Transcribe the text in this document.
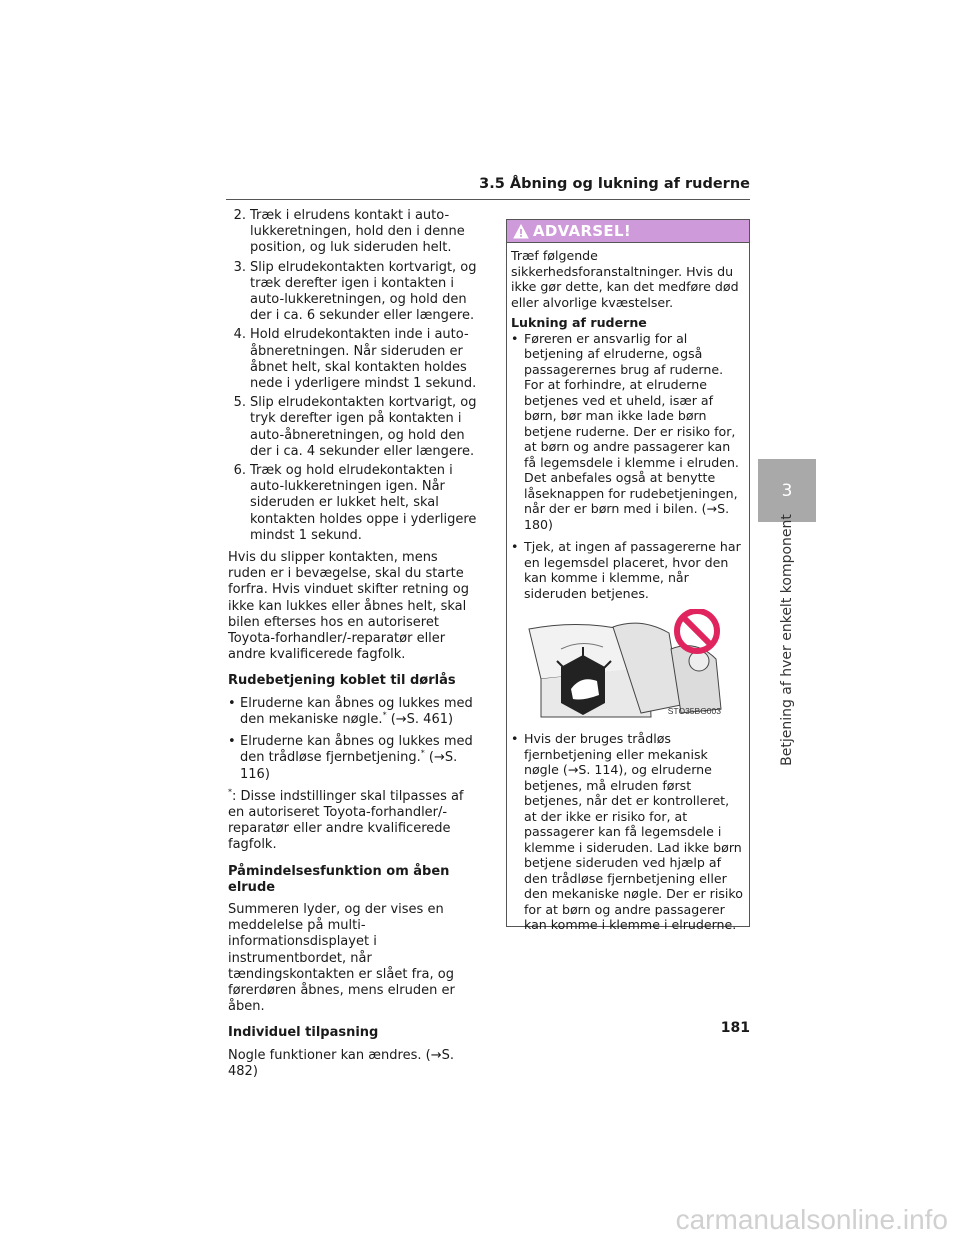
3.5 Åbning og lukning af ruderne
2. Træk i elrudens kontakt i auto-lukkeretningen, hold den i denne position, og luk sideruden helt.
3. Slip elrudekontakten kortvarigt, og træk derefter igen i kontakten i auto-lukkeretningen, og hold den der i ca. 6 sekunder eller længere.
4. Hold elrudekontakten inde i auto-åbneretningen. Når sideruden er åbnet helt, skal kontakten holdes nede i yderligere mindst 1 sekund.
5. Slip elrudekontakten kortvarigt, og tryk derefter igen på kontakten i auto-åbneretningen, og hold den der i ca. 4 sekunder eller længere.
6. Træk og hold elrudekontakten i auto-lukkeretningen igen. Når sideruden er lukket helt, skal kontakten holdes oppe i yderligere mindst 1 sekund.

Hvis du slipper kontakten, mens ruden er i bevægelse, skal du starte forfra. Hvis vinduet skifter retning og ikke kan lukkes eller åbnes helt, skal bilen efterses hos en autoriseret Toyota-forhandler/-reparatør eller andre kvalificerede fagfolk.

Rudebetjening koblet til dørlås
• Elruderne kan åbnes og lukkes med den mekaniske nøgle.* (→S. 461)
• Elruderne kan åbnes og lukkes med den trådløse fjernbetjening.* (→S. 116)

*: Disse indstillinger skal tilpasses af en autoriseret Toyota-forhandler/-reparatør eller andre kvalificerede fagfolk.

Påmindelsesfunktion om åben elrude

Summeren lyder, og der vises en meddelelse på multi-informationsdisplayet i instrumentbordet, når tændingskontakten er slået fra, og førerdøren åbnes, mens elruden er åben.

Individuel tilpasning

Nogle funktioner kan ændres. (→S. 482)

ADVARSEL!
Træf følgende sikkerhedsforanstaltninger. Hvis du ikke gør dette, kan det medføre død eller alvorlige kvæstelser.
Lukning af ruderne
• Føreren er ansvarlig for al betjening af elruderne, også passagerernes brug af ruderne. For at forhindre, at elruderne betjenes ved et uheld, især af børn, bør man ikke lade børn betjene ruderne. Der er risiko for, at børn og andre passagerer kan få legemsdele i klemme i elruden. Det anbefales også at benytte låseknappen for rudebetjeningen, når der er børn med i bilen. (→S. 180)
• Tjek, at ingen af passagererne har en legemsdel placeret, hvor den kan komme i klemme, når sideruden betjenes.
STO35BG003
• Hvis der bruges trådløs fjernbetjening eller mekanisk nøgle (→S. 114), og elruderne betjenes, må elruden først betjenes, når det er kontrolleret, at der ikke er risiko for, at passagerer kan få legemsdele i klemme i sideruden. Lad ikke børn betjene sideruden ved hjælp af den trådløse fjernbetjening eller den mekaniske nøgle. Der er risiko for at børn og andre passagerer kan komme i klemme i elruderne.
3
Betjening af hver enkelt komponent
181
carmanualsonline.info
